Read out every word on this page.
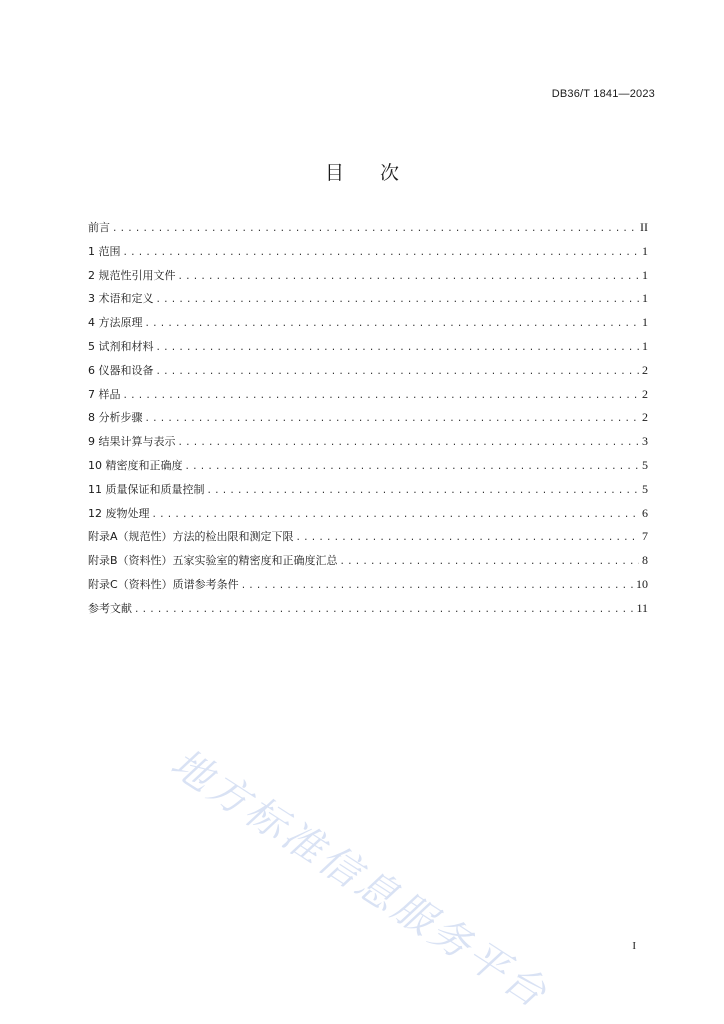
DB36/T 1841—2023
目 次
前言 .....	II
1 范围 .....	1
2 规范性引用文件 .....	1
3 术语和定义 .....	1
4 方法原理 .....	1
5 试剂和材料 .....	1
6 仪器和设备 .....	2
7 样品 .....	2
8 分析步骤 .....	2
9 结果计算与表示 .....	3
10 精密度和正确度 .....	5
11 质量保证和质量控制 .....	5
12 废物处理 .....	6
附录A（规范性）方法的检出限和测定下限 .....	7
附录B（资料性）五家实验室的精密度和正确度汇总 .....	8
附录C（资料性）质谱参考条件 .....	10
参考文献 .....	11
地方标准信息服务平台	I
